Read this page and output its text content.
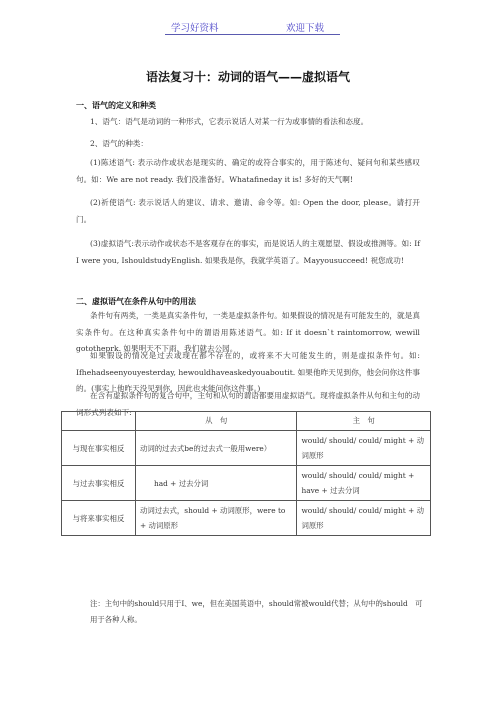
学习好资料	欢迎下载
语法复习十：动词的语气——虚拟语气
一、语气的定义和种类
1、语气：语气是动词的一种形式，它表示说话人对某一行为或事情的看法和态度。
2、语气的种类：
(1)陈述语气: 表示动作或状态是现实的、确定的或符合事实的，用于陈述句、疑问句和某些感叹句。如：We are not ready. 我们没准备好。Whatafineday it is! 多好的天气啊!
(2)祈使语气: 表示说话人的建议、请求、邀请、命令等。如: Open the door, please。请打开门。
(3)虚拟语气:表示动作或状态不是客观存在的事实，而是说话人的主观愿望、假设或推测等。如: If I were you, IshouldstudyEnglish. 如果我是你，我就学英语了。Mayyousucceed! 祝您成功!
二、虚拟语气在条件从句中的用法
条件句有两类，一类是真实条件句，一类是虚拟条件句。如果假设的情况是有可能发生的，就是真实条件句。在这种真实条件句中的谓语用陈述语气。如: If it doesn`t raintomorrow, wewill gototheprk. 如果明天不下雨，我们就去公园。
如果假设的情况是过去或现在都不存在的，或将来不大可能发生的，则是虚拟条件句。如: Ifhehadseenyouyesterday, hewouldhaveaskedyouaboutit. 如果他昨天见到你，他会问你这件事的。(事实上他昨天没见到你，因此也未能问你这件事。)
在含有虚拟条件句的复合句中，主句和从句的谓语都要用虚拟语气。现将虚拟条件从句和主句的动词形式列表如下:
	从　句	主　句
与现在事实相反	动词的过去式be的过去式一般用were）	would/ should/ could/ might + 动词原形
与过去事实相反	had + 过去分词	would/ should/ could/ might + have + 过去分词
与将来事实相反	动词过去式，should + 动词原形，were to + 动词原形	would/ should/ could/ might + 动词原形
注：主句中的should只用于I、we，但在美国英语中，should常被would代替；从句中的should　可用于各种人称。
